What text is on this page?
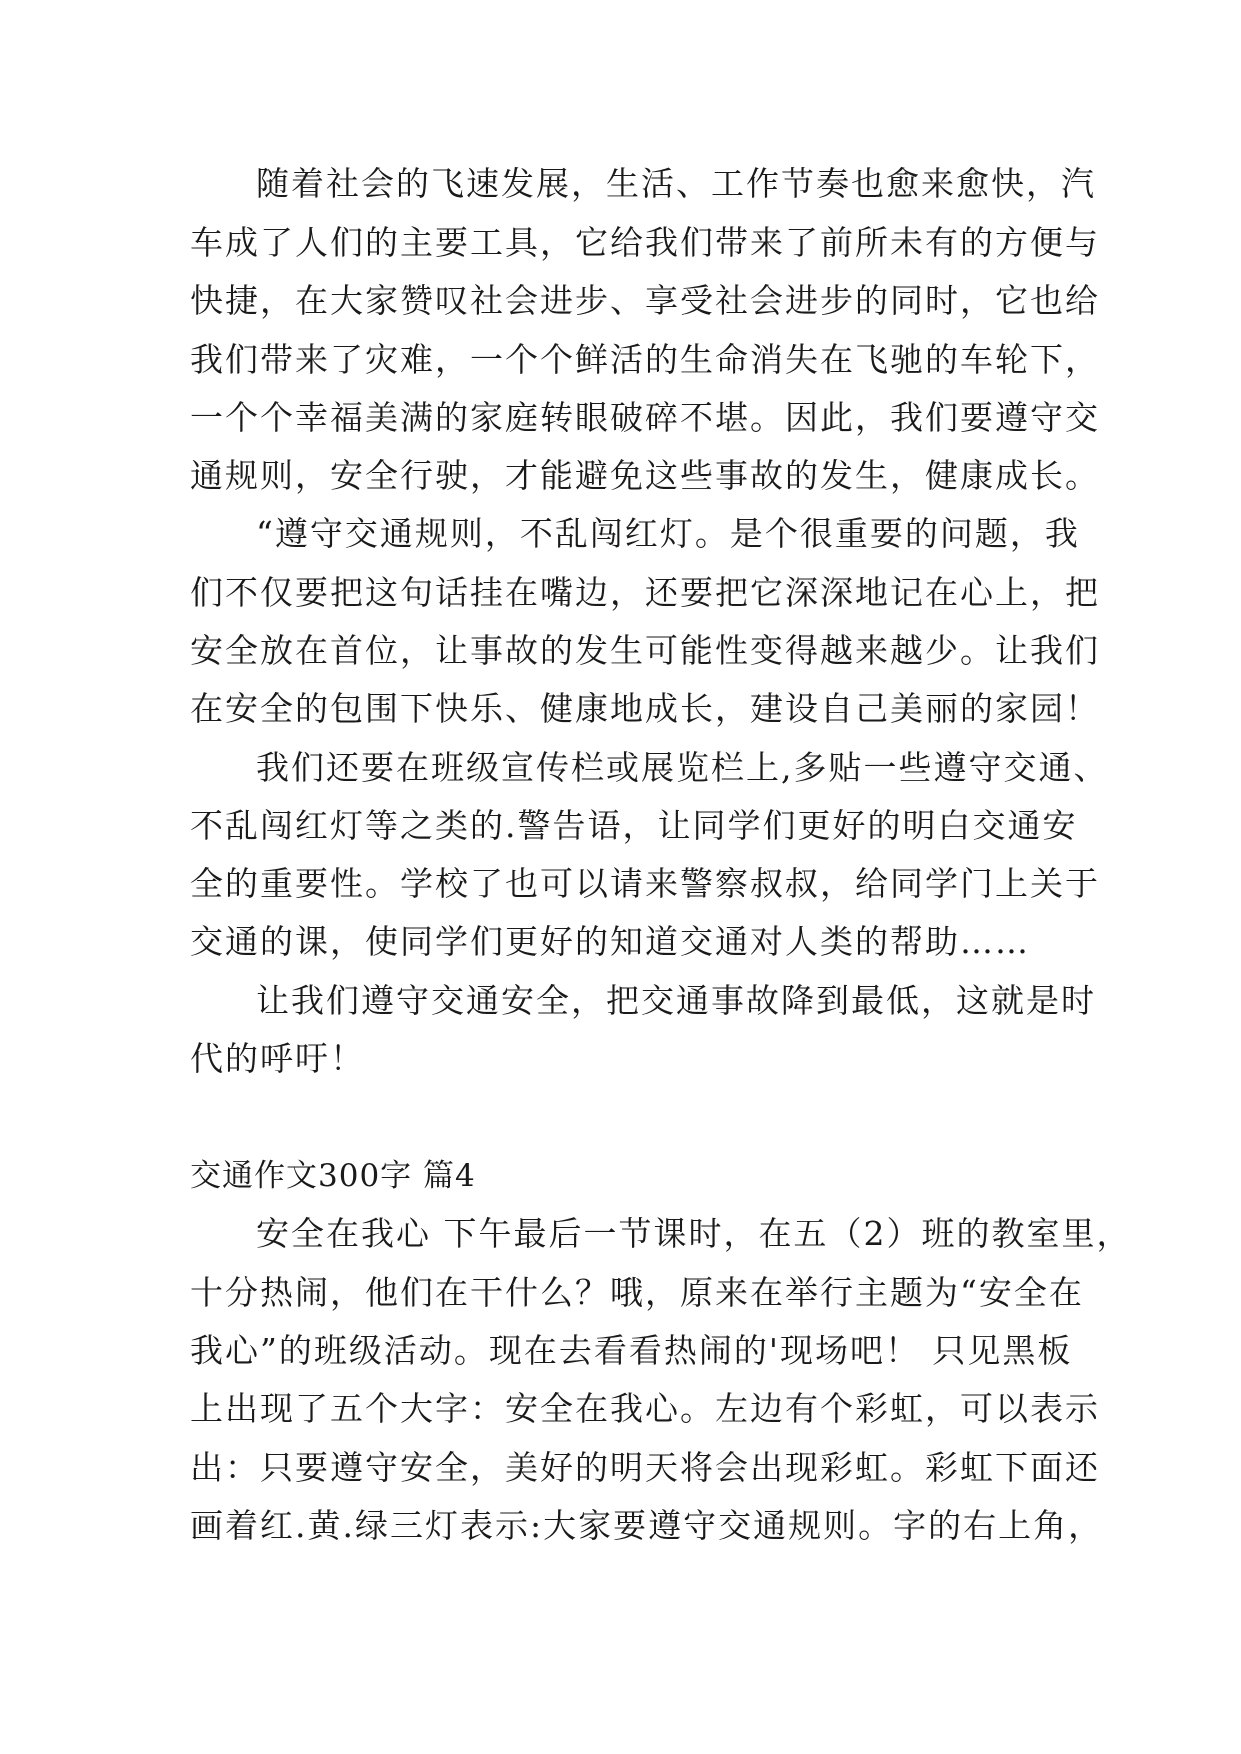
随着社会的飞速发展，生活、工作节奏也愈来愈快，汽
车成了人们的主要工具，它给我们带来了前所未有的方便与
快捷，在大家赞叹社会进步、享受社会进步的同时，它也给
我们带来了灾难，一个个鲜活的生命消失在飞驰的车轮下，
一个个幸福美满的家庭转眼破碎不堪。因此，我们要遵守交
通规则，安全行驶，才能避免这些事故的发生，健康成长。
“遵守交通规则，不乱闯红灯。是个很重要的问题，我
们不仅要把这句话挂在嘴边，还要把它深深地记在心上，把
安全放在首位，让事故的发生可能性变得越来越少。让我们
在安全的包围下快乐、健康地成长，建设自己美丽的家园！
我们还要在班级宣传栏或展览栏上,多贴一些遵守交通、
不乱闯红灯等之类的.警告语，让同学们更好的明白交通安
全的重要性。学校了也可以请来警察叔叔，给同学门上关于
交通的课，使同学们更好的知道交通对人类的帮助……
让我们遵守交通安全，把交通事故降到最低，这就是时
代的呼吁！
交通作文300字 篇4
安全在我心 下午最后一节课时，在五（2）班的教室里，
十分热闹，他们在干什么？哦，原来在举行主题为“安全在
我心”的班级活动。现在去看看热闹的'现场吧！ 只见黑板
上出现了五个大字：安全在我心。左边有个彩虹，可以表示
出：只要遵守安全，美好的明天将会出现彩虹。彩虹下面还
画着红.黄.绿三灯表示:大家要遵守交通规则。字的右上角，
